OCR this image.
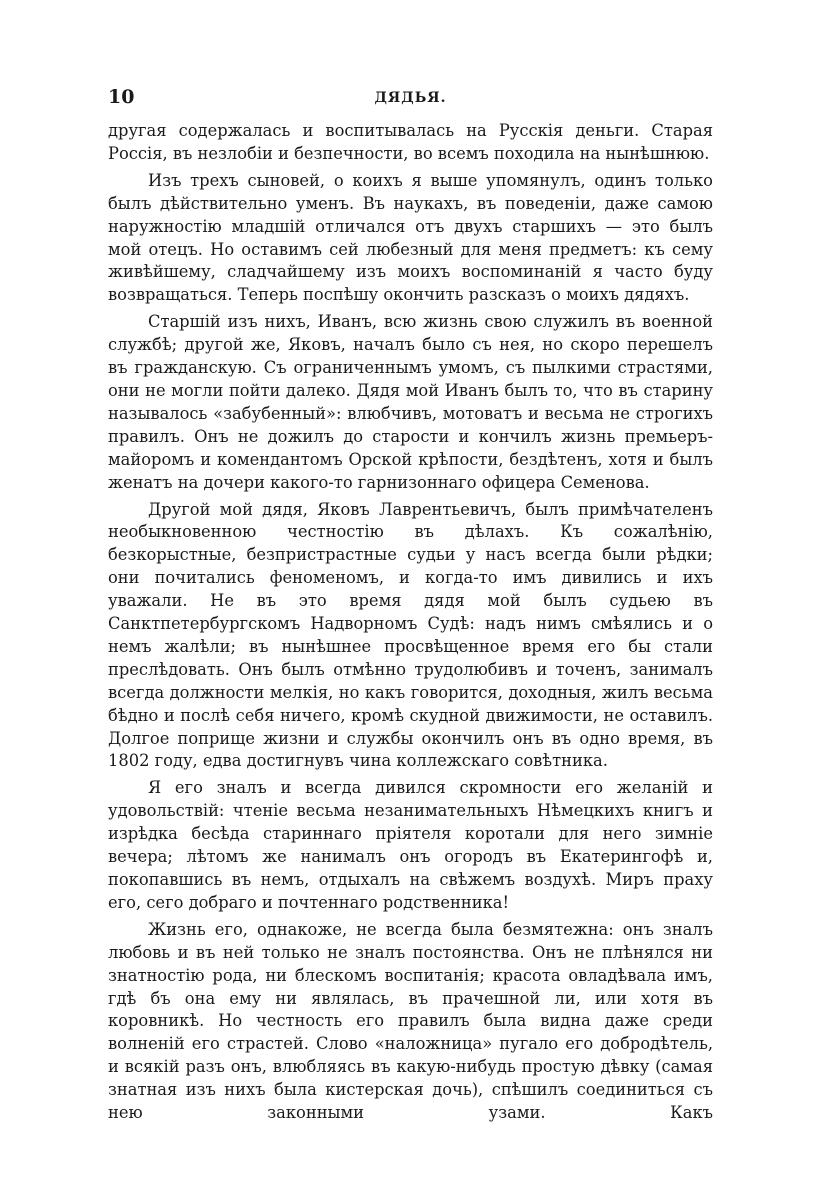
10	ДЯДЬЯ.

другая содержалась и воспитывалась на Русскія деньги. Старая Россія, въ незлобіи и безпечности, во всемъ походила на нынѣшнюю.

Изъ трехъ сыновей, о коихъ я выше упомянулъ, одинъ только былъ дѣйствительно уменъ. Въ наукахъ, въ поведеніи, даже самою наружностію младшій отличался отъ двухъ старшихъ — это былъ мой отецъ. Но оставимъ сей любезный для меня предметъ: къ сему живѣйшему, сладчайшему изъ моихъ воспоминаній я часто буду возвращаться. Теперь поспѣшу окончить разсказъ о моихъ дядяхъ.

Старшій изъ нихъ, Иванъ, всю жизнь свою служилъ въ военной службѣ; другой же, Яковъ, началъ было съ нея, но скоро перешелъ въ гражданскую. Съ ограниченнымъ умомъ, съ пылкими страстями, они не могли пойти далеко. Дядя мой Иванъ былъ то, что въ старину называлось «забубенный»: влюбчивъ, мотоватъ и весьма не строгихъ правилъ. Онъ не дожилъ до старости и кончилъ жизнь премьеръ-майоромъ и комендантомъ Орской крѣпости, бездѣтенъ, хотя и былъ женатъ на дочери какого-то гарнизоннаго офицера Семенова.

Другой мой дядя, Яковъ Лаврентьевичъ, былъ примѣчателенъ необыкновенною честностію въ дѣлахъ. Къ сожалѣнію, безкорыстные, безпристрастные судьи у насъ всегда были рѣдки; они почитались феноменомъ, и когда-то имъ дивились и ихъ уважали. Не въ это время дядя мой былъ судьею въ Санктпетербургскомъ Надворномъ Судѣ: надъ нимъ смѣялись и о немъ жалѣли; въ нынѣшнее просвѣщенное время его бы стали преслѣдовать. Онъ былъ отмѣнно трудолюбивъ и точенъ, занималъ всегда должности мелкія, но какъ говорится, доходныя, жилъ весьма бѣдно и послѣ себя ничего, кромѣ скудной движимости, не оставилъ. Долгое поприще жизни и службы окончилъ онъ въ одно время, въ 1802 году, едва достигнувъ чина коллежскаго совѣтника.

Я его зналъ и всегда дивился скромности его желаній и удовольствій: чтеніе весьма незанимательныхъ Нѣмецкихъ книгъ и изрѣдка бесѣда стариннаго пріятеля коротали для него зимніе вечера; лѣтомъ же нанималъ онъ огородъ въ Екатерингофѣ и, покопавшись въ немъ, отдыхалъ на свѣжемъ воздухѣ. Миръ праху его, сего добраго и почтеннаго родственника!

Жизнь его, однакоже, не всегда была безмятежна: онъ зналъ любовь и въ ней только не зналъ постоянства. Онъ не плѣнялся ни знатностію рода, ни блескомъ воспитанія; красота овладѣвала имъ, гдѣ бъ она ему ни являлась, въ прачешной ли, или хотя въ коровникѣ. Но честность его правилъ была видна даже среди волненій его страстей. Слово «наложница» пугало его добродѣтель, и всякій разъ онъ, влюбляясь въ какую-нибудь простую дѣвку (самая знатная изъ нихъ была кистерская дочь), спѣшилъ соединиться съ нею законными узами. Какъ
